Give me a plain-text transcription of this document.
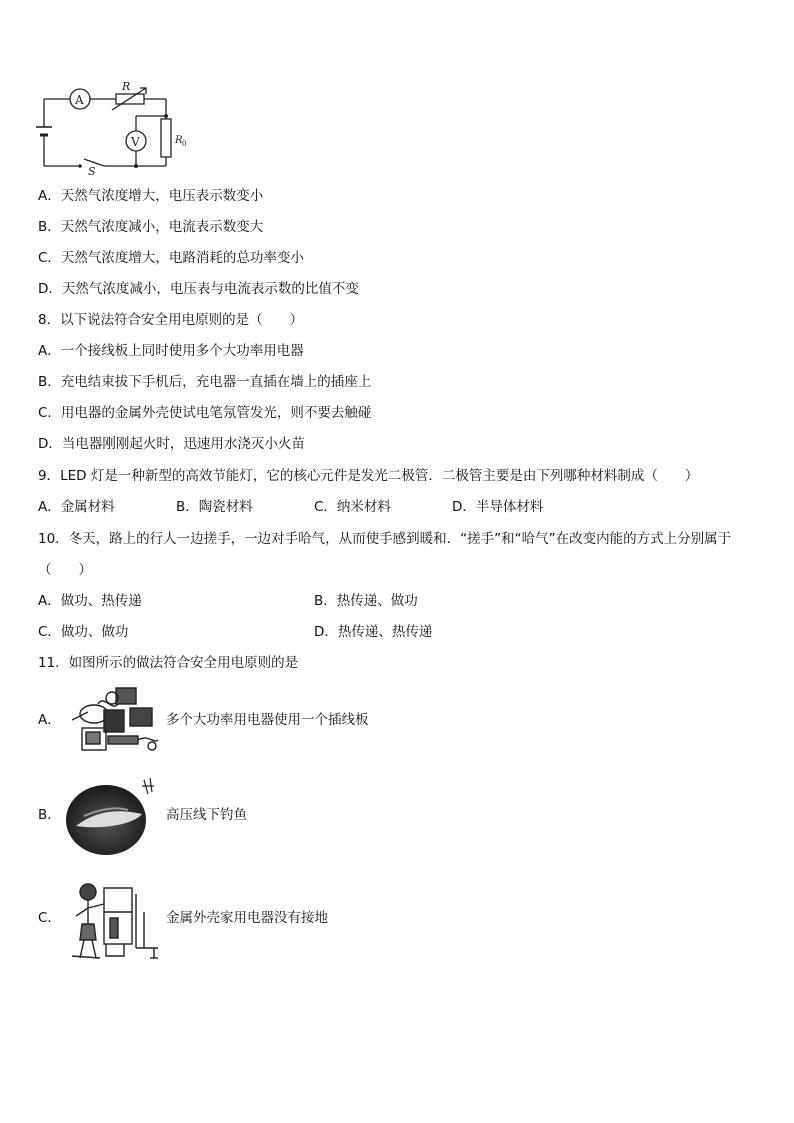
A
V
R
R 0
S
A．天然气浓度增大，电压表示数变小
B．天然气浓度减小，电流表示数变大
C．天然气浓度增大，电路消耗的总功率变小
D．天然气浓度减小，电压表与电流表示数的比值不变
8．以下说法符合安全用电原则的是（　　）
A．一个接线板上同时使用多个大功率用电器
B．充电结束拔下手机后，充电器一直插在墙上的插座上
C．用电器的金属外壳使试电笔氖管发光，则不要去触碰
D．当电器刚刚起火时，迅速用水浇灭小火苗
9．LED 灯是一种新型的高效节能灯，它的核心元件是发光二极管．二极管主要是由下列哪种材料制成（　　）
A．金属材料	B．陶瓷材料	C．纳米材料	D．半导体材料
10．冬天，路上的行人一边搓手，一边对手哈气，从而使手感到暖和．“搓手”和“哈气”在改变内能的方式上分别属于
（　　）
A．做功、热传递	B．热传递、做功
C．做功、做功	D．热传递、热传递
11．如图所示的做法符合安全用电原则的是
A．	多个大功率用电器使用一个插线板
B．	高压线下钓鱼
C．	金属外壳家用电器没有接地
